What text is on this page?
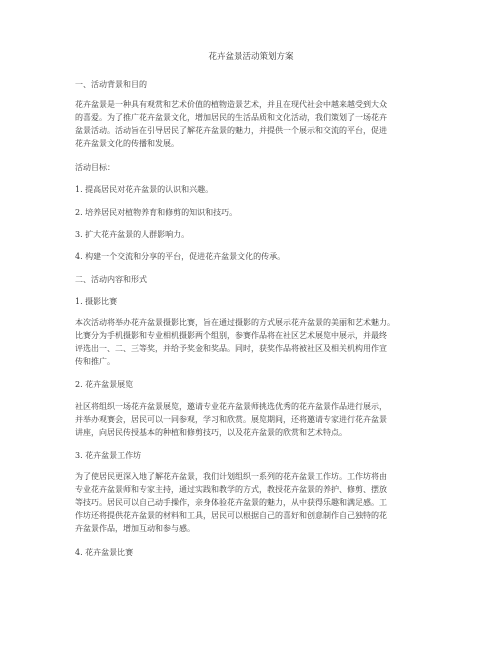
花卉盆景活动策划方案
一、活动背景和目的
花卉盆景是一种具有观赏和艺术价值的植物造景艺术，并且在现代社会中越来越受到大众
的喜爱。为了推广花卉盆景文化，增加居民的生活品质和文化活动，我们策划了一场花卉
盆景活动。活动旨在引导居民了解花卉盆景的魅力，并提供一个展示和交流的平台，促进
花卉盆景文化的传播和发展。
活动目标：
1. 提高居民对花卉盆景的认识和兴趣。
2. 培养居民对植物养育和修剪的知识和技巧。
3. 扩大花卉盆景的人群影响力。
4. 构建一个交流和分享的平台，促进花卉盆景文化的传承。
二、活动内容和形式
1. 摄影比赛
本次活动将举办花卉盆景摄影比赛，旨在通过摄影的方式展示花卉盆景的美丽和艺术魅力。
比赛分为手机摄影和专业相机摄影两个组别，参赛作品将在社区艺术展览中展示，并最终
评选出一、二、三等奖，并给予奖金和奖品。同时，获奖作品将被社区及相关机构用作宣
传和推广。
2. 花卉盆景展览
社区将组织一场花卉盆景展览，邀请专业花卉盆景师挑选优秀的花卉盆景作品进行展示，
并举办观赛会，居民可以一同参观，学习和欣赏。展览期间，还将邀请专家进行花卉盆景
讲座，向居民传授基本的种植和修剪技巧，以及花卉盆景的欣赏和艺术特点。
3. 花卉盆景工作坊
为了使居民更深入地了解花卉盆景，我们计划组织一系列的花卉盆景工作坊。工作坊将由
专业花卉盆景师和专家主持，通过实践和教学的方式，教授花卉盆景的养护、修剪、摆放
等技巧。居民可以自己动手操作，亲身体验花卉盆景的魅力，从中获得乐趣和满足感。工
作坊还将提供花卉盆景的材料和工具，居民可以根据自己的喜好和创意制作自己独特的花
卉盆景作品，增加互动和参与感。
4. 花卉盆景比赛
